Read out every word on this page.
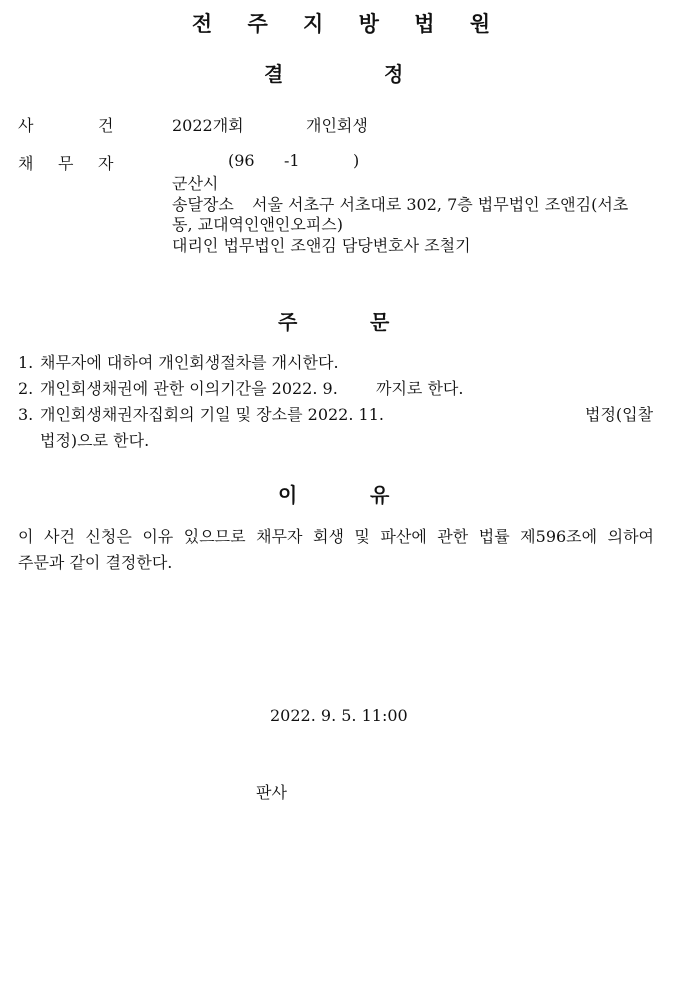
전 주 지 방 법 원
결	정
사	건	2022개회	개인회생
채 무 자	(96 -1	)
군산시
송달장소 서울 서초구 서초대로 302, 7층 법무법인 조앤김(서초
동, 교대역인앤인오피스)
대리인 법무법인 조앤김 담당변호사 조철기
주	문
1. 채무자에 대하여 개인회생절차를 개시한다.
2. 개인회생채권에 관한 이의기간을 2022. 9. 까지로 한다.
3. 개인회생채권자집회의 기일 및 장소를 2022. 11.	법정(입찰
법정)으로 한다.
이	유
이 사건 신청은 이유 있으므로 채무자 회생 및 파산에 관한 법률 제596조에 의하여
주문과 같이 결정한다.
2022. 9. 5. 11:00
판사
